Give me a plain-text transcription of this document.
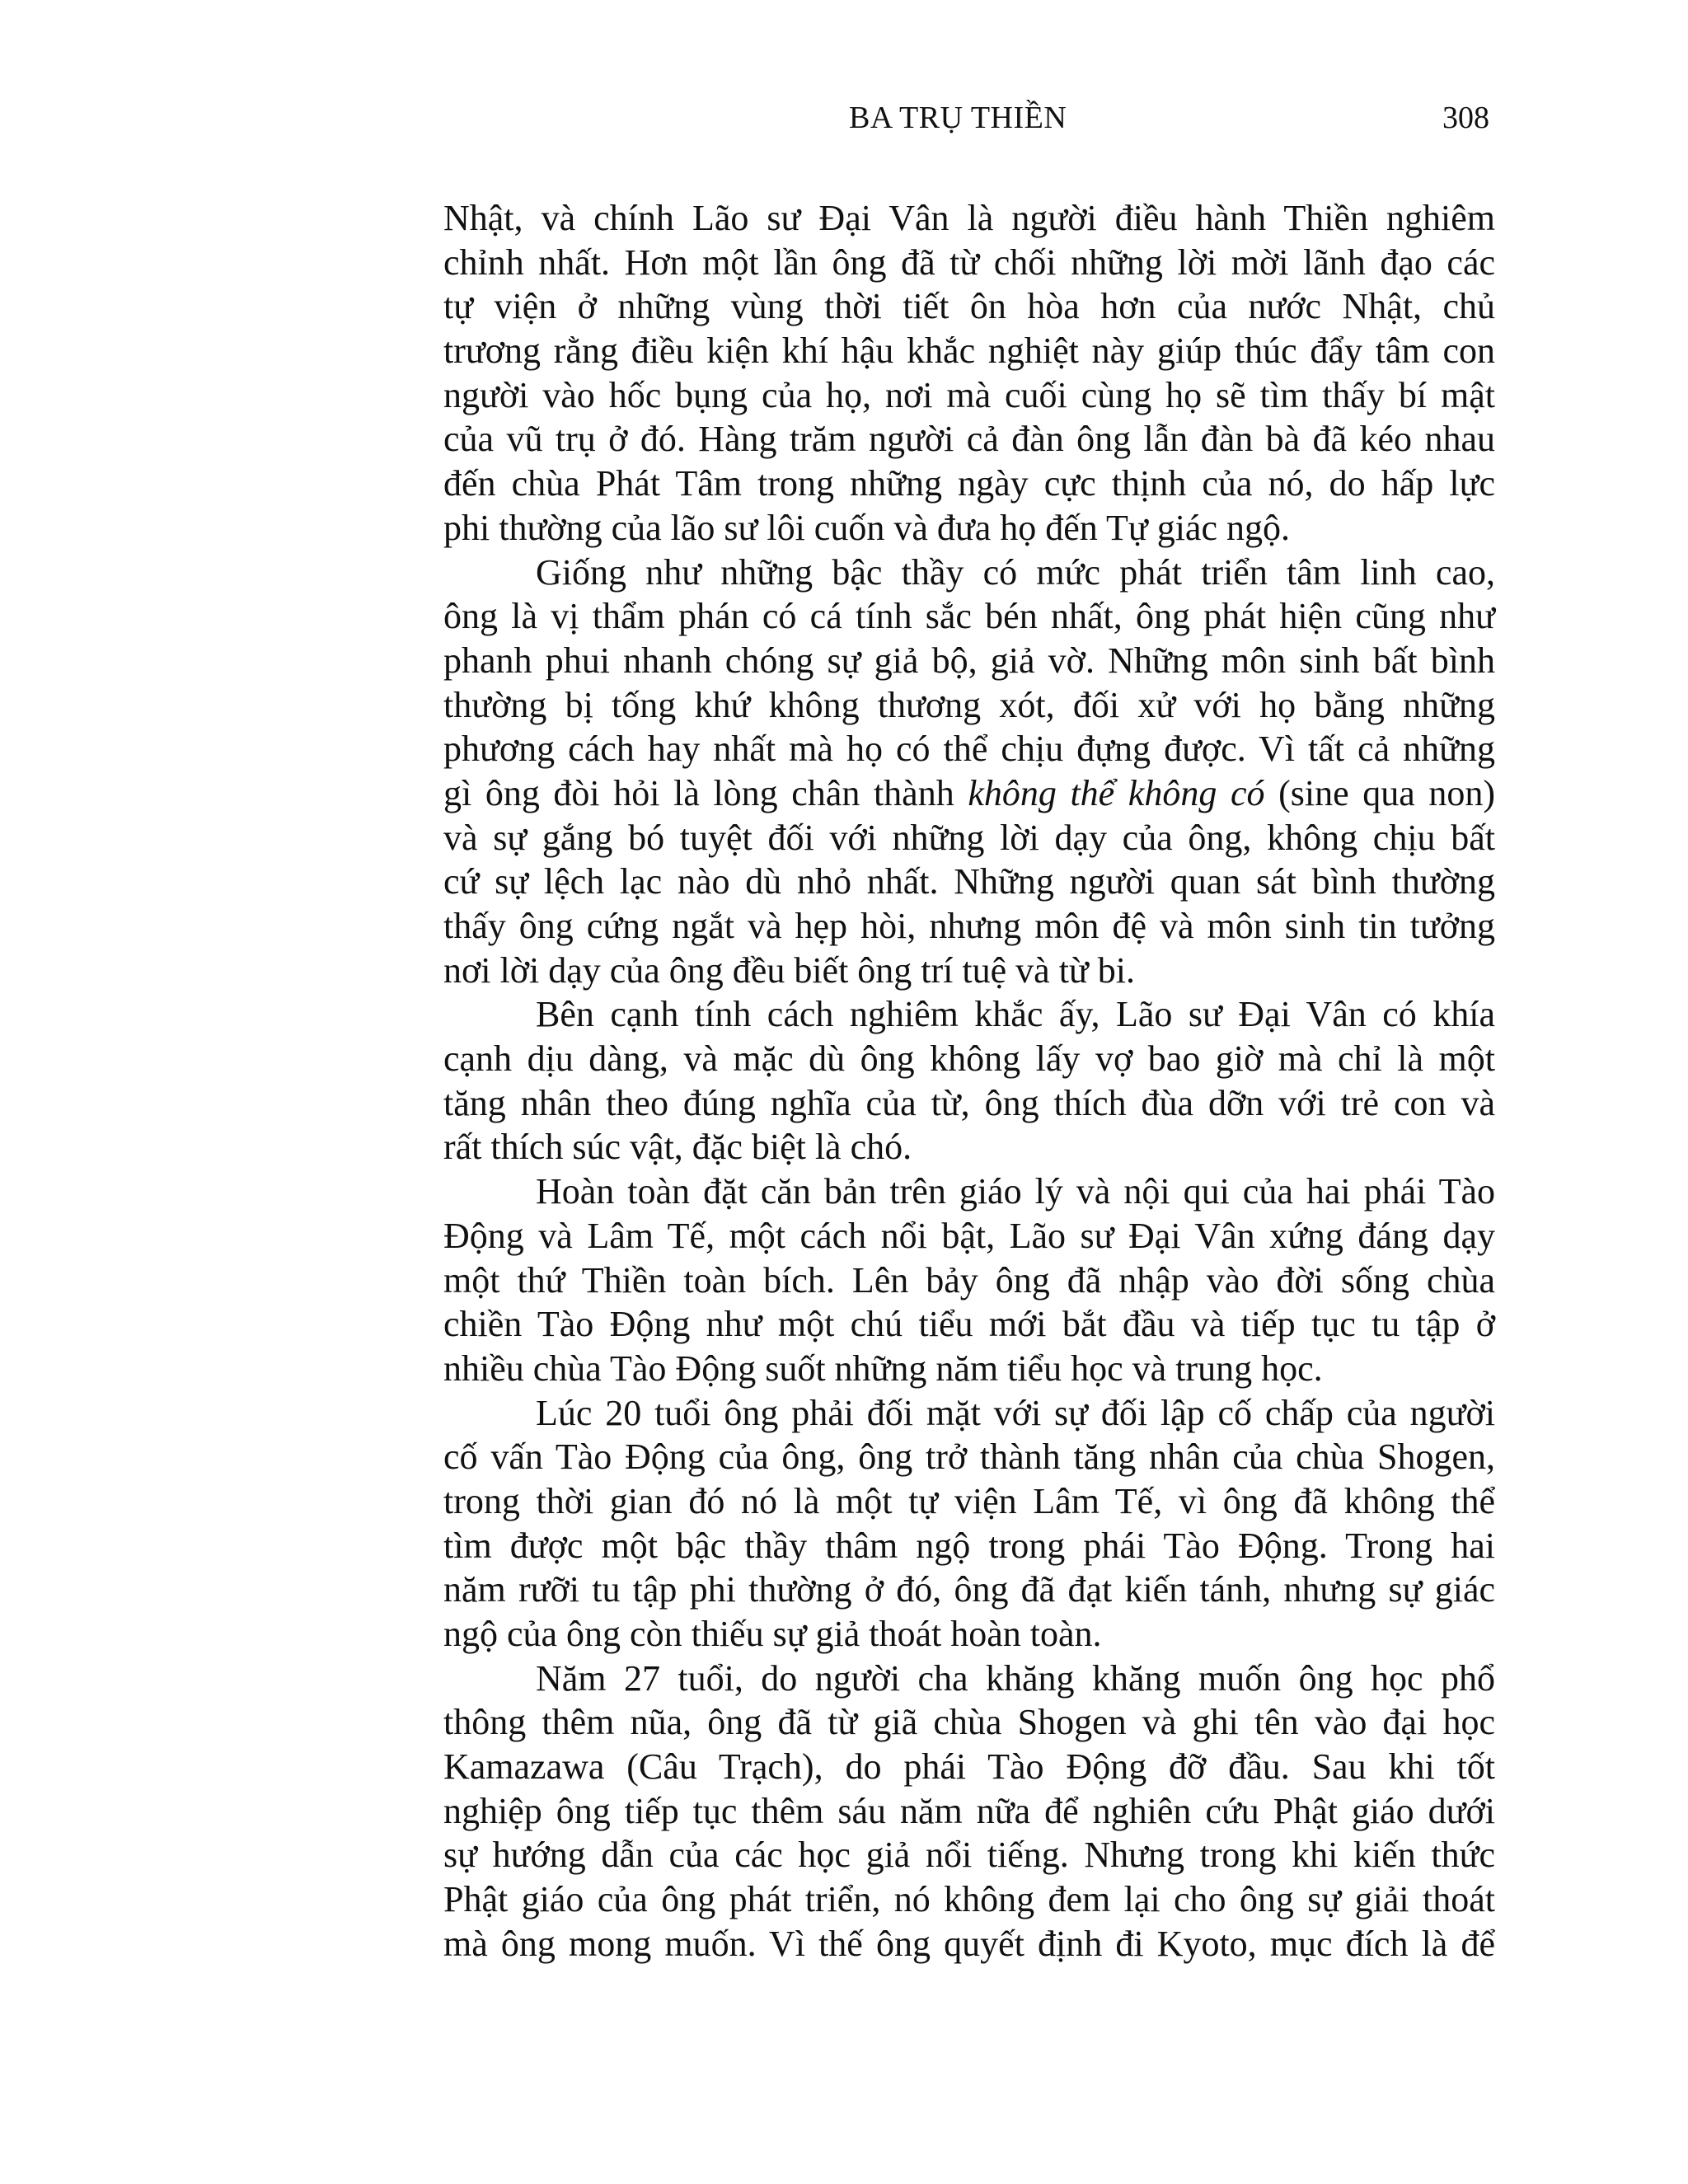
BA TRỤ THIỀN	308
Nhật, và chính Lão sư Đại Vân là người điều hành Thiền nghiêm
chỉnh nhất. Hơn một lần ông đã từ chối những lời mời lãnh đạo các
tự viện ở những vùng thời tiết ôn hòa hơn của nước Nhật, chủ
trương rằng điều kiện khí hậu khắc nghiệt này giúp thúc đẩy tâm con
người vào hốc bụng của họ, nơi mà cuối cùng họ sẽ tìm thấy bí mật
của vũ trụ ở đó. Hàng trăm người cả đàn ông lẫn đàn bà đã kéo nhau
đến chùa Phát Tâm trong những ngày cực thịnh của nó, do hấp lực
phi thường của lão sư lôi cuốn và đưa họ đến Tự giác ngộ.
Giống như những bậc thầy có mức phát triển tâm linh cao,
ông là vị thẩm phán có cá tính sắc bén nhất, ông phát hiện cũng như
phanh phui nhanh chóng sự giả bộ, giả vờ. Những môn sinh bất bình
thường bị tống khứ không thương xót, đối xử với họ bằng những
phương cách hay nhất mà họ có thể chịu đựng được. Vì tất cả những
gì ông đòi hỏi là lòng chân thành không thể không có (sine qua non)
và sự gắng bó tuyệt đối với những lời dạy của ông, không chịu bất
cứ sự lệch lạc nào dù nhỏ nhất. Những người quan sát bình thường
thấy ông cứng ngắt và hẹp hòi, nhưng môn đệ và môn sinh tin tưởng
nơi lời dạy của ông đều biết ông trí tuệ và từ bi.
Bên cạnh tính cách nghiêm khắc ấy, Lão sư Đại Vân có khía
cạnh dịu dàng, và mặc dù ông không lấy vợ bao giờ mà chỉ là một
tăng nhân theo đúng nghĩa của từ, ông thích đùa dỡn với trẻ con và
rất thích súc vật, đặc biệt là chó.
Hoàn toàn đặt căn bản trên giáo lý và nội qui của hai phái Tào
Động và Lâm Tế, một cách nổi bật, Lão sư Đại Vân xứng đáng dạy
một thứ Thiền toàn bích. Lên bảy ông đã nhập vào đời sống chùa
chiền Tào Động như một chú tiểu mới bắt đầu và tiếp tục tu tập ở
nhiều chùa Tào Động suốt những năm tiểu học và trung học.
Lúc 20 tuổi ông phải đối mặt với sự đối lập cố chấp của người
cố vấn Tào Động của ông, ông trở thành tăng nhân của chùa Shogen,
trong thời gian đó nó là một tự viện Lâm Tế, vì ông đã không thể
tìm được một bậc thầy thâm ngộ trong phái Tào Động. Trong hai
năm rưỡi tu tập phi thường ở đó, ông đã đạt kiến tánh, nhưng sự giác
ngộ của ông còn thiếu sự giả thoát hoàn toàn.
Năm 27 tuổi, do người cha khăng khăng muốn ông học phổ
thông thêm nũa, ông đã từ giã chùa Shogen và ghi tên vào đại học
Kamazawa (Câu Trạch), do phái Tào Động đỡ đầu. Sau khi tốt
nghiệp ông tiếp tục thêm sáu năm nữa để nghiên cứu Phật giáo dưới
sự hướng dẫn của các học giả nổi tiếng. Nhưng trong khi kiến thức
Phật giáo của ông phát triển, nó không đem lại cho ông sự giải thoát
mà ông mong muốn. Vì thế ông quyết định đi Kyoto, mục đích là để
